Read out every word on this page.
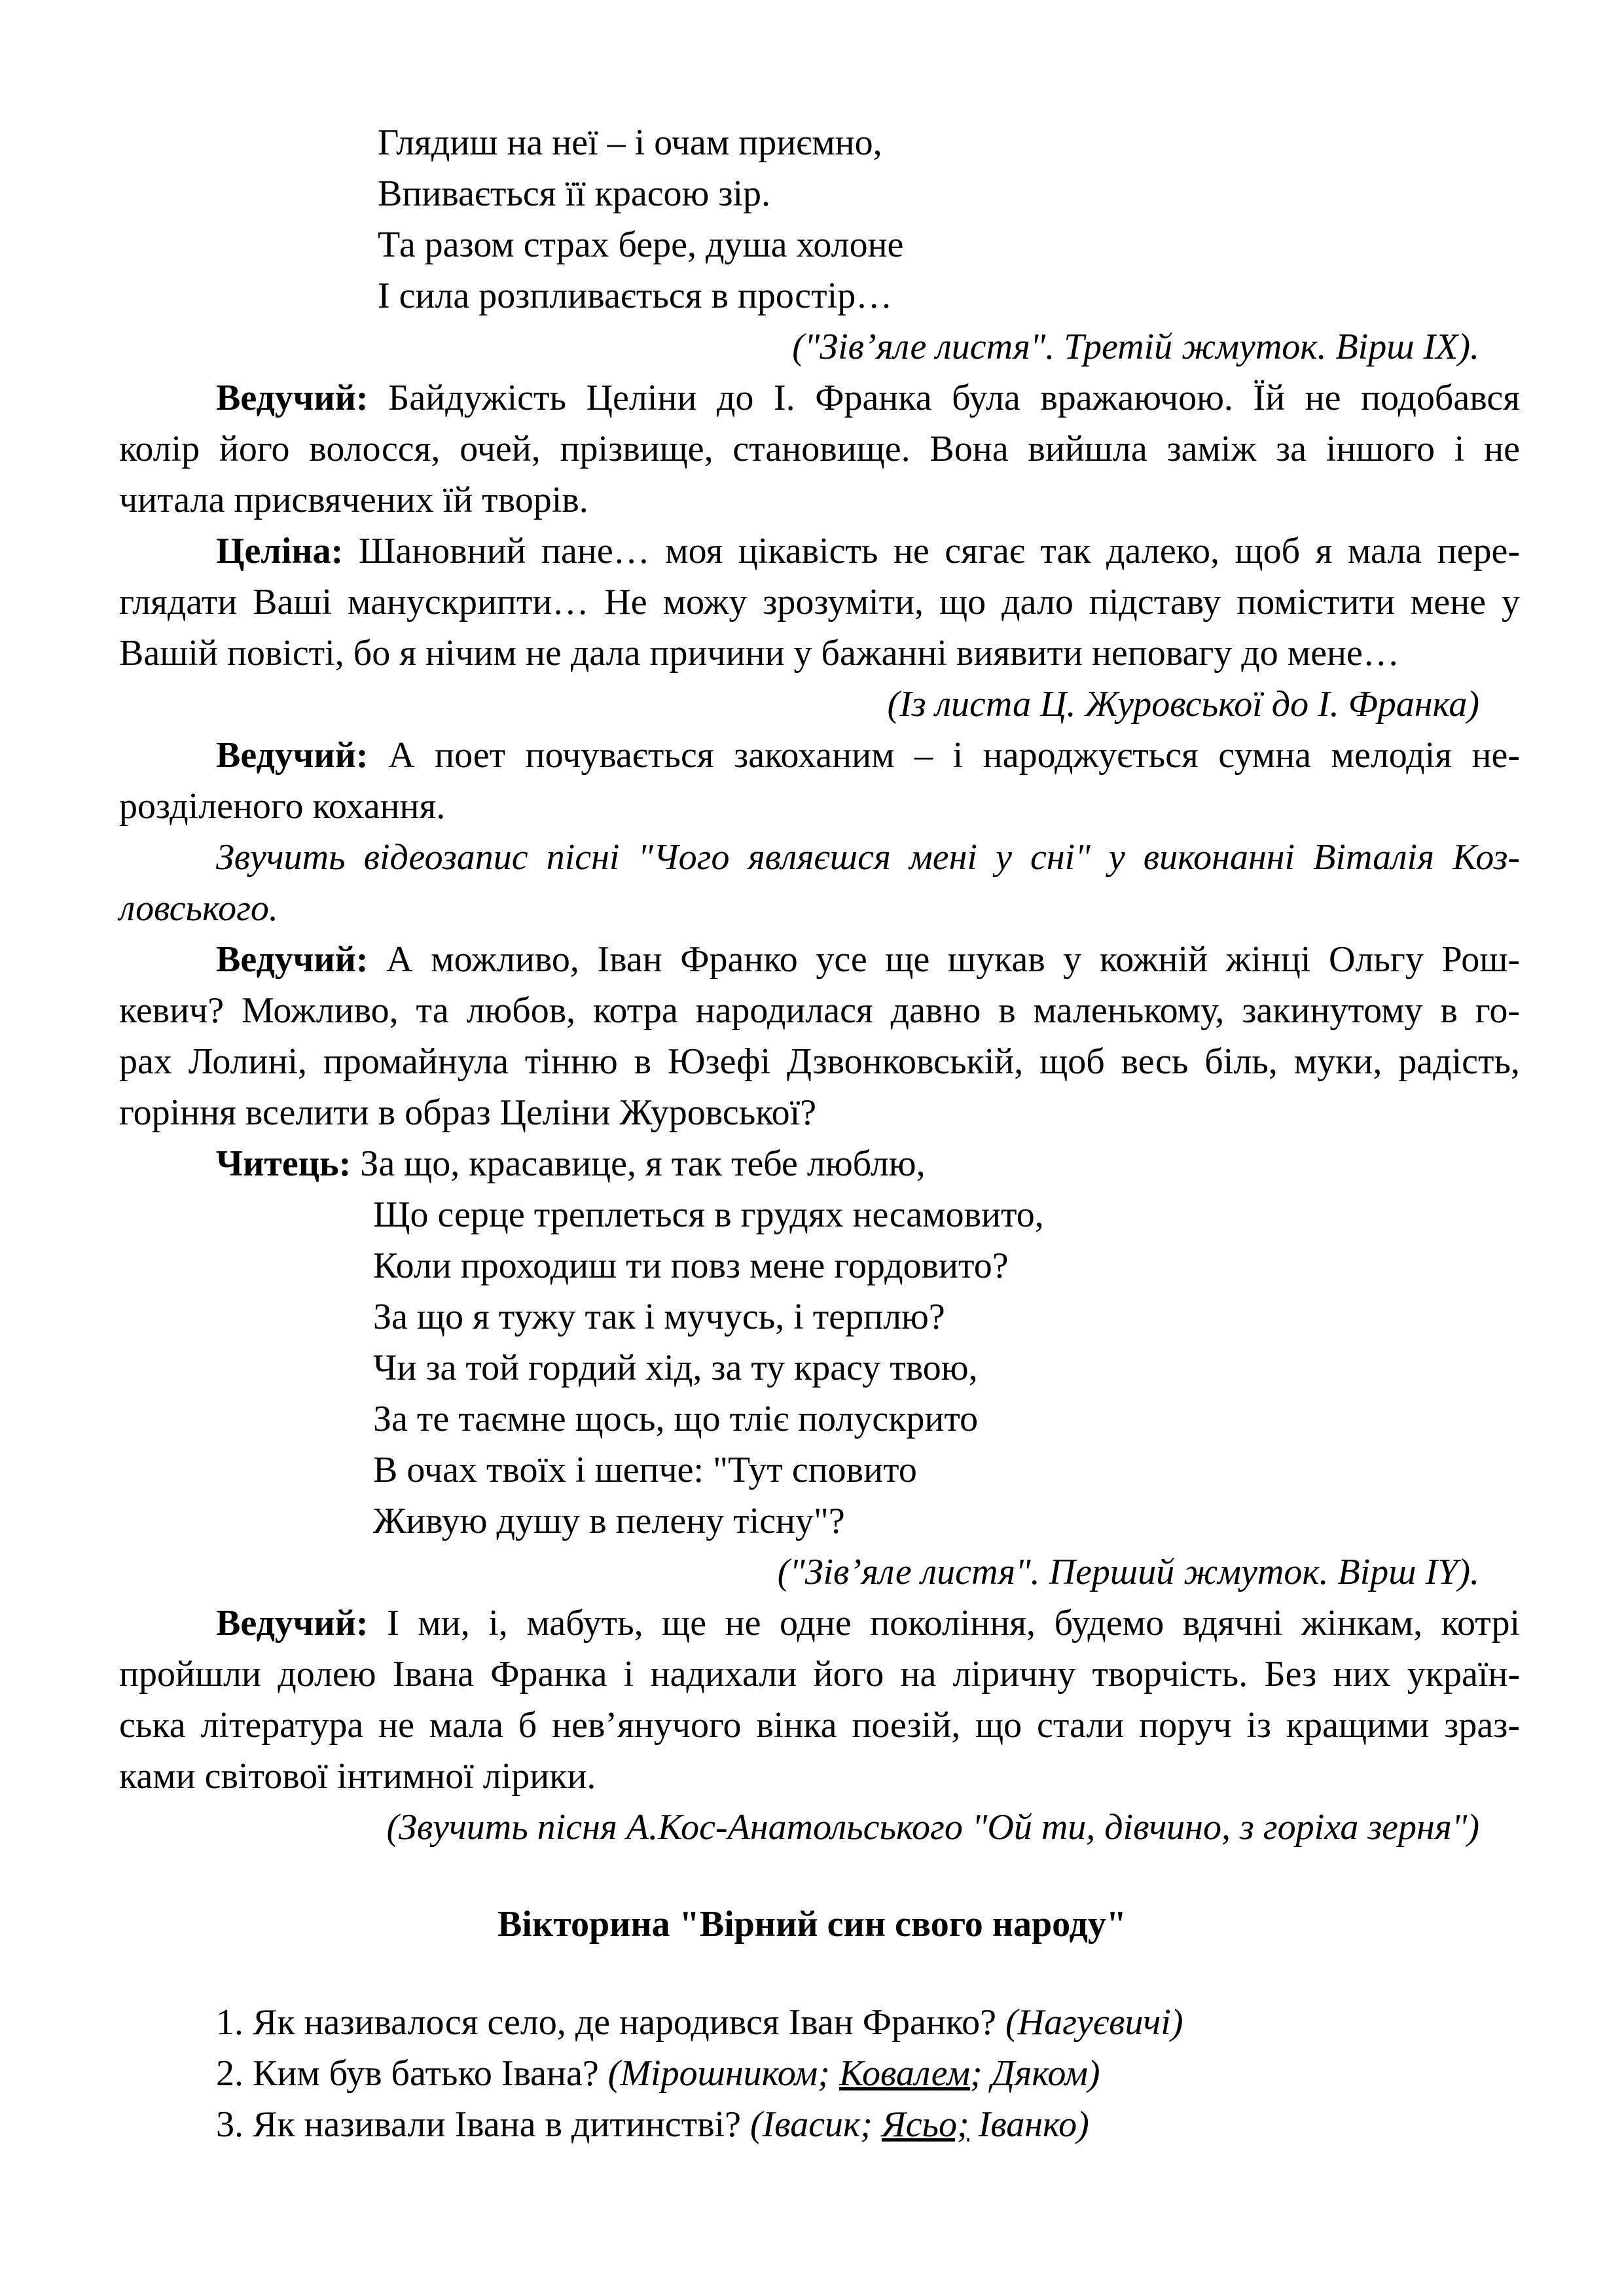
Глядиш на неї – і очам приємно,
Впивається її красою зір.
Та разом страх бере, душа холоне
І сила розпливається в простір…
("Зів’яле листя". Третій жмуток. Вірш ІХ).
Ведучий: Байдужість Целіни до І. Франка була вражаючою. Їй не подобався
колір його волосся, очей, прізвище, становище. Вона вийшла заміж за іншого і не
читала присвячених їй творів.
Целіна: Шановний пане… моя цікавість не сягає так далеко, щоб я мала пере-
глядати Ваші манускрипти… Не можу зрозуміти, що дало підставу помістити мене у
Вашій повісті, бо я нічим не дала причини у бажанні виявити неповагу до мене…
(Із листа Ц. Журовської до І. Франка)
Ведучий: А поет почувається закоханим – і народжується сумна мелодія не-
розділеного кохання.
Звучить відеозапис пісні "Чого являєшся мені у сні" у виконанні Віталія Коз-
ловського.
Ведучий: А можливо, Іван Франко усе ще шукав у кожній жінці Ольгу Рош-
кевич? Можливо, та любов, котра народилася давно в маленькому, закинутому в го-
рах Лолині, промайнула тінню в Юзефі Дзвонковській, щоб весь біль, муки, радість,
горіння вселити в образ Целіни Журовської?
Читець: За що, красавице, я так тебе люблю,
Що серце треплеться в грудях несамовито,
Коли проходиш ти повз мене гордовито?
За що я тужу так і мучусь, і терплю?
Чи за той гордий хід, за ту красу твою,
За те таємне щось, що тліє полускрито
В очах твоїх і шепче: "Тут сповито
Живую душу в пелену тісну"?
("Зів’яле листя". Перший жмуток. Вірш ІY).
Ведучий: І ми, і, мабуть, ще не одне покоління, будемо вдячні жінкам, котрі
пройшли долею Івана Франка і надихали його на ліричну творчість. Без них україн-
ська література не мала б нев’янучого вінка поезій, що стали поруч із кращими зраз-
ками світової інтимної лірики.
(Звучить пісня А.Кос-Анатольського "Ой ти, дівчино, з горіха зерня")
Вікторина "Вірний син свого народу"
1. Як називалося село, де народився Іван Франко? (Нагуєвичі)
2. Ким був батько Івана? (Мірошником; Ковалем; Дяком)
3. Як називали Івана в дитинстві? (Івасик; Ясьо; Іванко)
